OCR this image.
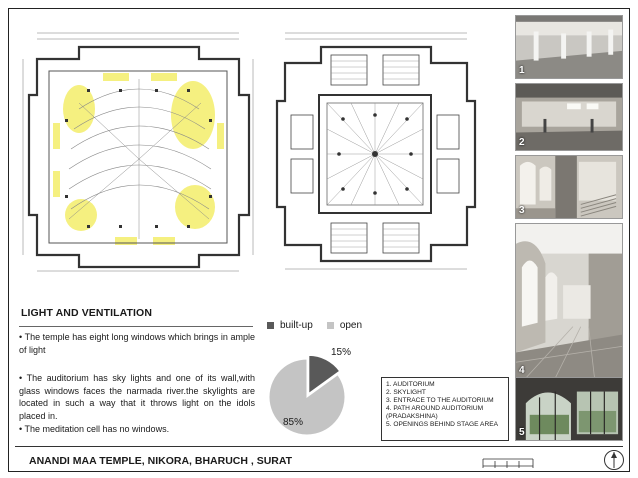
1
2
3
4
5
LIGHT AND VENTILATION

• The temple has eight long windows which brings in ample of light

• The auditorium has sky lights and one of its wall,with glass windows faces the narmada river.the skylights are located in such a way that it throws light on the idols placed in.

• The meditation cell has no windows.

built-up	open
15%
85%
1. AUDITORIUM
2. SKYLIGHT
3. ENTRACE TO THE AUDITORIUM
4. PATH AROUND AUDITORIUM
(PRADAKSHINA)
5. OPENINGS BEHIND STAGE AREA
ANANDI MAA TEMPLE, NIKORA, BHARUCH , SURAT
